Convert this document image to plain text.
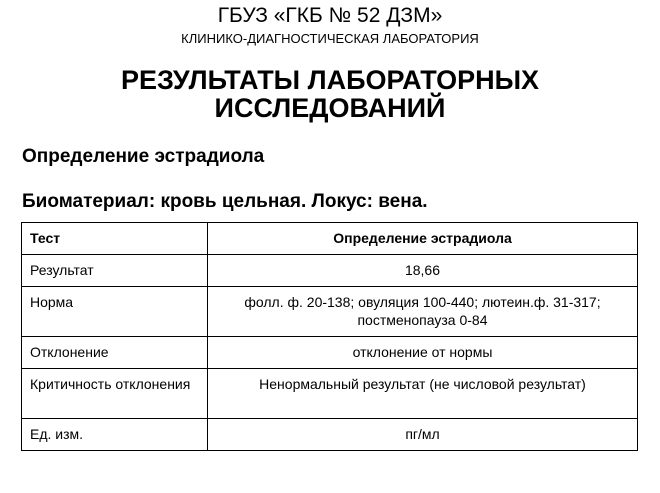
ГБУЗ «ГКБ № 52 ДЗМ»
КЛИНИКО-ДИАГНОСТИЧЕСКАЯ ЛАБОРАТОРИЯ
РЕЗУЛЬТАТЫ ЛАБОРАТОРНЫХ
ИССЛЕДОВАНИЙ
Определение эстрадиола
Биоматериал: кровь цельная. Локус: вена.
Тест	Определение эстрадиола
Результат	18,66
Норма	фолл. ф. 20-138; овуляция 100-440; лютеин.ф. 31-317; постменопауза 0-84
Отклонение	отклонение от нормы
Критичность отклонения	Ненормальный результат (не числовой результат)
Ед. изм.	пг/мл
